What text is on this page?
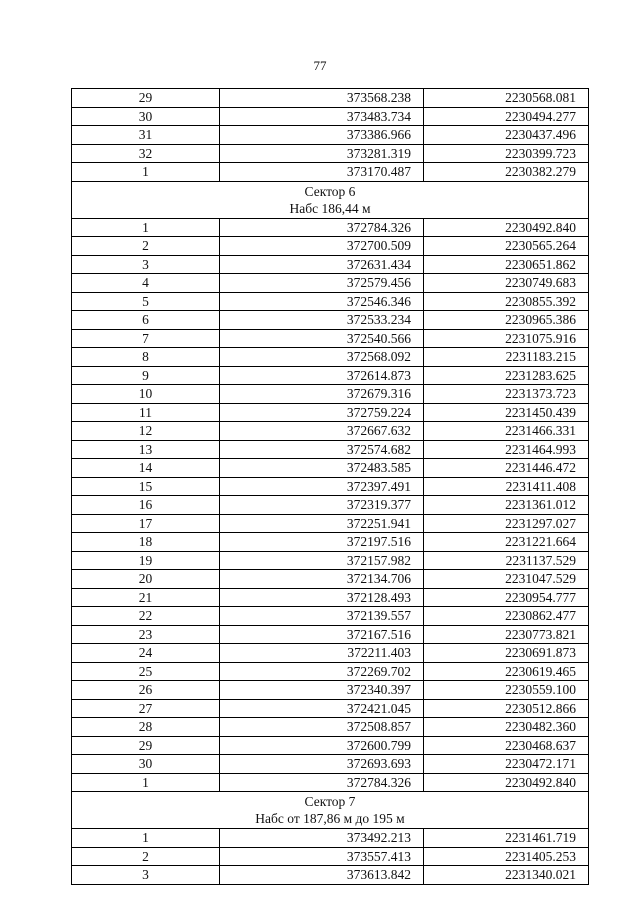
77
29	373568.238	2230568.081
30	373483.734	2230494.277
31	373386.966	2230437.496
32	373281.319	2230399.723
1	373170.487	2230382.279

Сектор 6
Набс 186,44 м		

1	372784.326	2230492.840
2	372700.509	2230565.264
3	372631.434	2230651.862
4	372579.456	2230749.683
5	372546.346	2230855.392
6	372533.234	2230965.386
7	372540.566	2231075.916
8	372568.092	2231183.215
9	372614.873	2231283.625
10	372679.316	2231373.723
11	372759.224	2231450.439
12	372667.632	2231466.331
13	372574.682	2231464.993
14	372483.585	2231446.472
15	372397.491	2231411.408
16	372319.377	2231361.012
17	372251.941	2231297.027
18	372197.516	2231221.664
19	372157.982	2231137.529
20	372134.706	2231047.529
21	372128.493	2230954.777
22	372139.557	2230862.477
23	372167.516	2230773.821
24	372211.403	2230691.873
25	372269.702	2230619.465
26	372340.397	2230559.100
27	372421.045	2230512.866
28	372508.857	2230482.360
29	372600.799	2230468.637
30	372693.693	2230472.171
1	372784.326	2230492.840

Сектор 7
Набс от 187,86 м до 195 м		

1	373492.213	2231461.719
2	373557.413	2231405.253
3	373613.842	2231340.021
